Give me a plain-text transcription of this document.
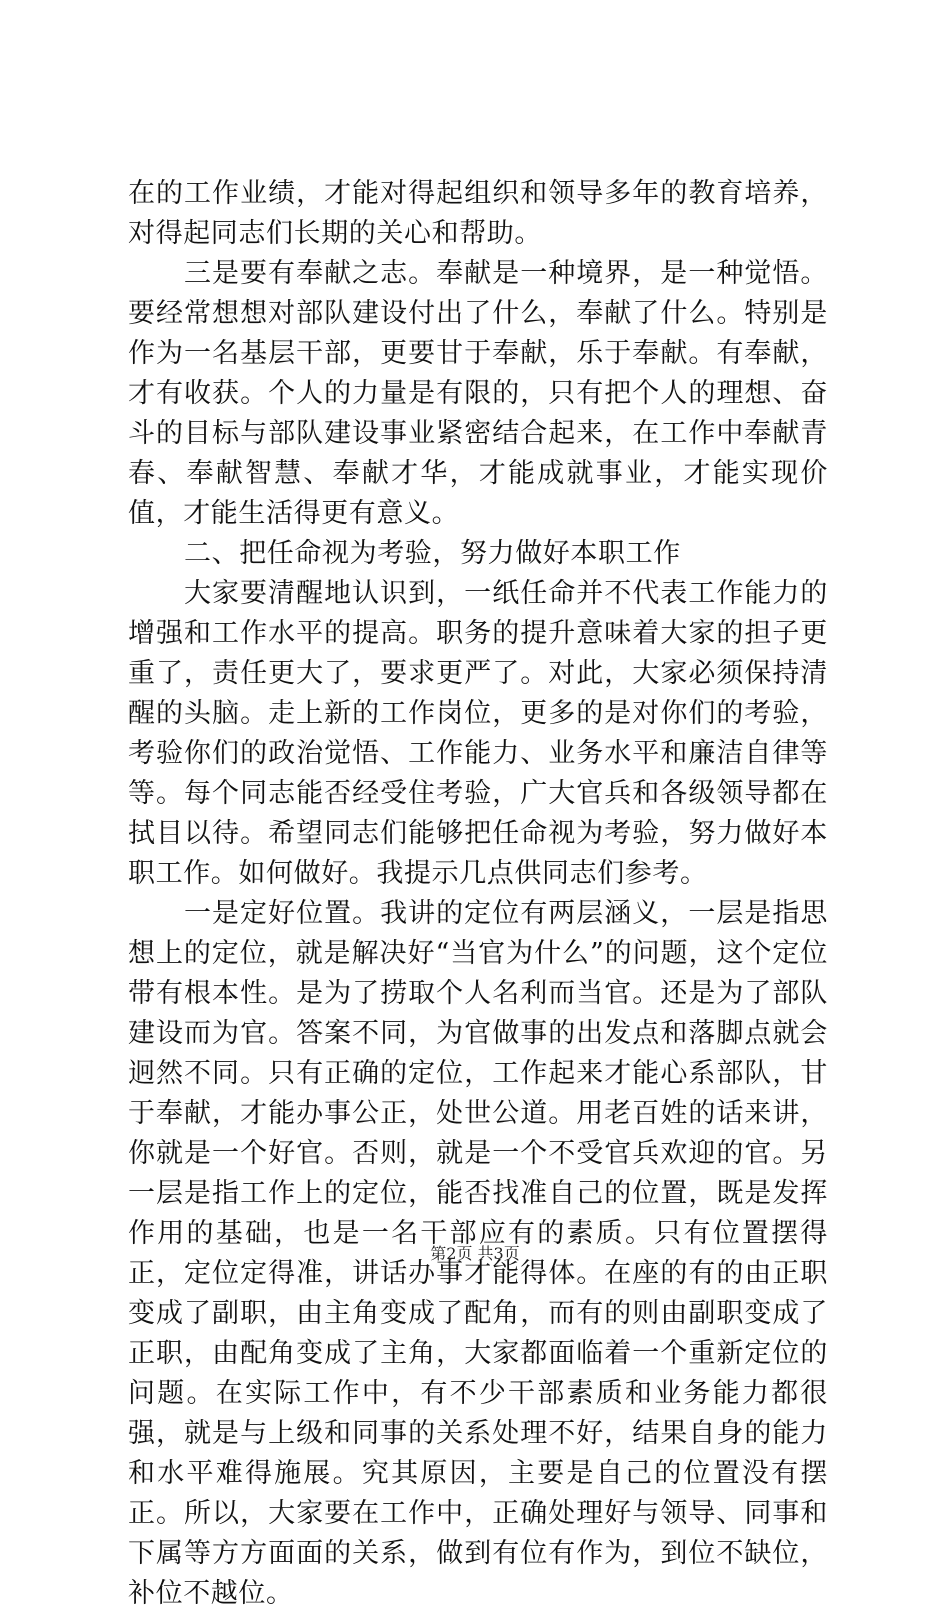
在的工作业绩，才能对得起组织和领导多年的教育培养，对得起同志们长期的关心和帮助。

三是要有奉献之志。奉献是一种境界，是一种觉悟。要经常想想对部队建设付出了什么，奉献了什么。特别是作为一名基层干部，更要甘于奉献，乐于奉献。有奉献，才有收获。个人的力量是有限的，只有把个人的理想、奋斗的目标与部队建设事业紧密结合起来，在工作中奉献青春、奉献智慧、奉献才华，才能成就事业，才能实现价值，才能生活得更有意义。

二、把任命视为考验，努力做好本职工作

大家要清醒地认识到，一纸任命并不代表工作能力的增强和工作水平的提高。职务的提升意味着大家的担子更重了，责任更大了，要求更严了。对此，大家必须保持清醒的头脑。走上新的工作岗位，更多的是对你们的考验，考验你们的政治觉悟、工作能力、业务水平和廉洁自律等等。每个同志能否经受住考验，广大官兵和各级领导都在拭目以待。希望同志们能够把任命视为考验，努力做好本职工作。如何做好。我提示几点供同志们参考。

一是定好位置。我讲的定位有两层涵义，一层是指思想上的定位，就是解决好“当官为什么”的问题，这个定位带有根本性。是为了捞取个人名利而当官。还是为了部队建设而为官。答案不同，为官做事的出发点和落脚点就会迥然不同。只有正确的定位，工作起来才能心系部队，甘于奉献，才能办事公正，处世公道。用老百姓的话来讲，你就是一个好官。否则，就是一个不受官兵欢迎的官。另一层是指工作上的定位，能否找准自己的位置，既是发挥作用的基础，也是一名干部应有的素质。只有位置摆得正，定位定得准，讲话办事才能得体。在座的有的由正职变成了副职，由主角变成了配角，而有的则由副职变成了正职，由配角变成了主角，大家都面临着一个重新定位的问题。在实际工作中，有不少干部素质和业务能力都很强，就是与上级和同事的关系处理不好，结果自身的能力和水平难得施展。究其原因，主要是自己的位置没有摆正。所以，大家要在工作中，正确处理好与领导、同事和下属等方方面面的关系，做到有位有作为，到位不缺位，补位不越位。

第2页 共3页
